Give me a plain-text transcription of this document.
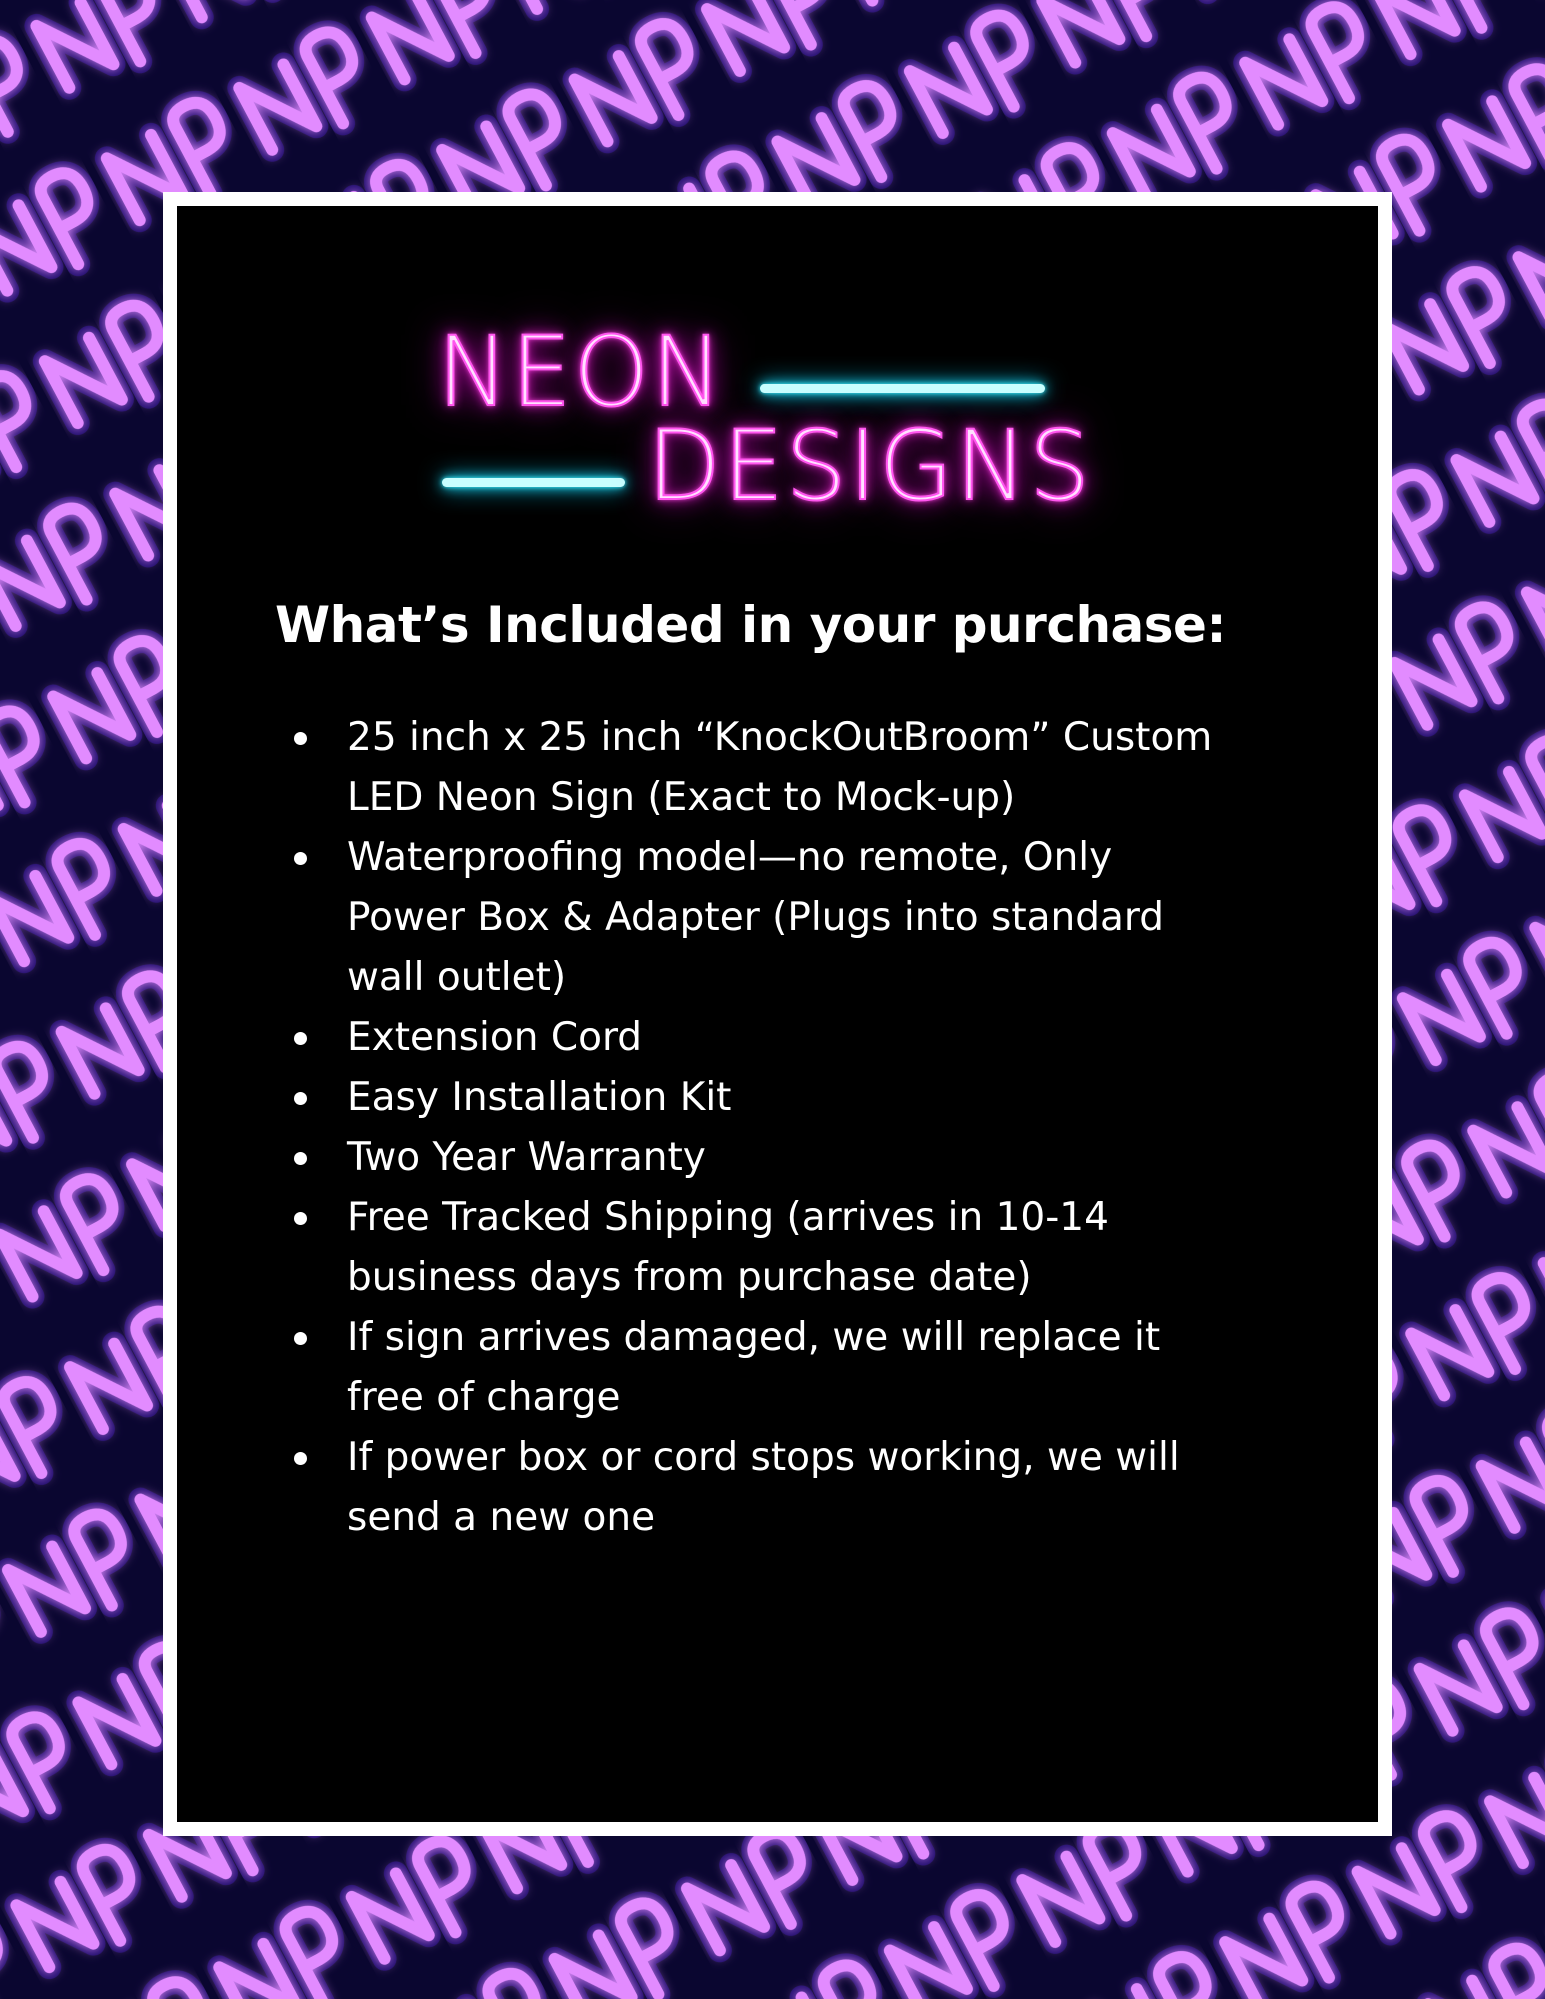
NEON
DESIGNS
What’s Included in your purchase:
25 inch x 25 inch “KnockOutBroom” Custom LED Neon Sign (Exact to Mock-up)
Waterproofing model—no remote, Only Power Box & Adapter (Plugs into standard wall outlet)
Extension Cord
Easy Installation Kit
Two Year Warranty
Free Tracked Shipping (arrives in 10-14 business days from purchase date)
If sign arrives damaged, we will replace it free of charge
If power box or cord stops working, we will send a new one
